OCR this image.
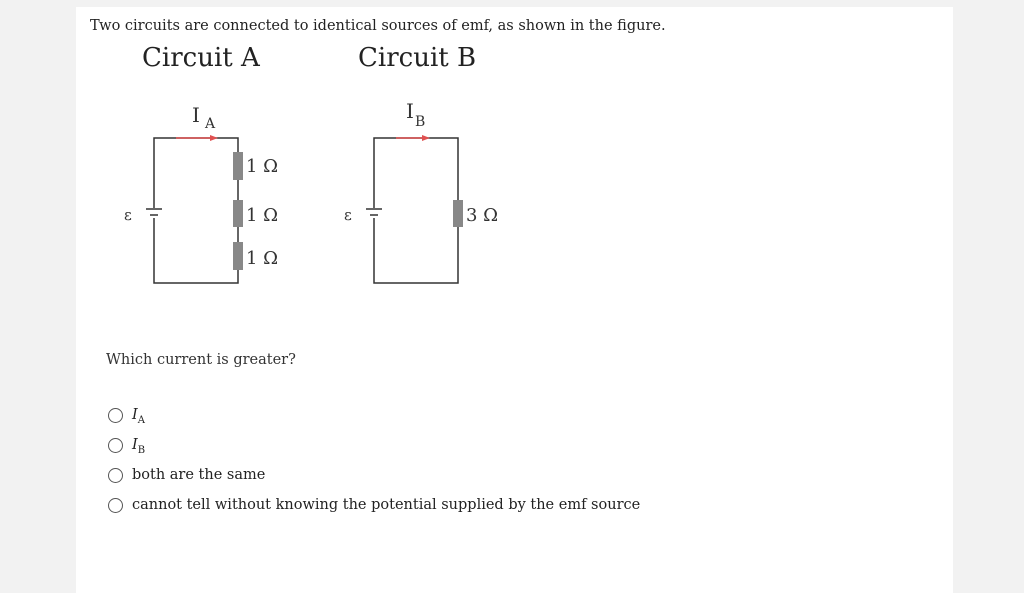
Two circuits are connected to identical sources of emf, as shown in the figure.
Circuit A	Circuit B
I A
ε
1 Ω
1 Ω
1 Ω
I B
ε	3 Ω
Which current is greater?
$I_A$
$I_B$
both are the same
cannot tell without knowing the potential supplied by the emf source
